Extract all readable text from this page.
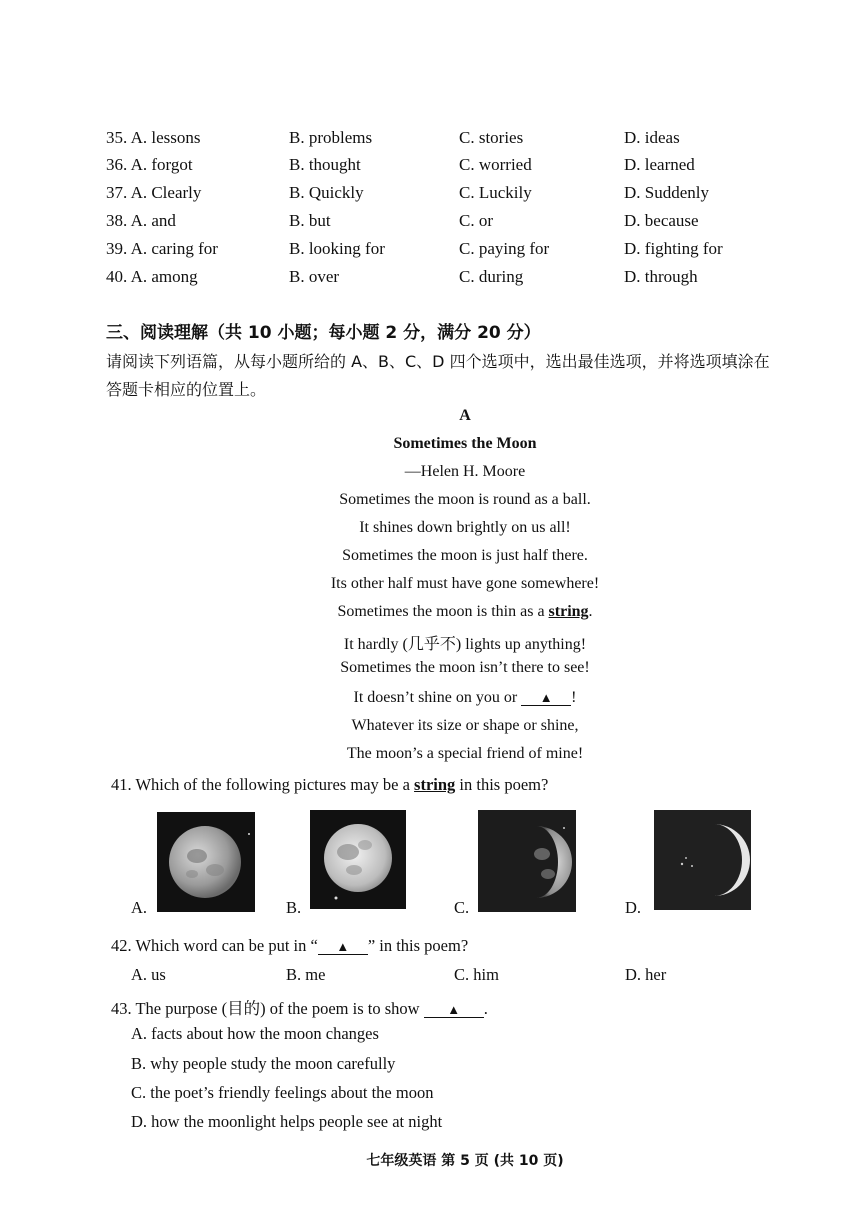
35. A. lessons	B. problems	C. stories	D. ideas
36. A. forgot	B. thought	C. worried	D. learned
37. A. Clearly	B. Quickly	C. Luckily	D. Suddenly
38. A. and	B. but	C. or	D. because
39. A. caring for	B. looking for	C. paying for	D. fighting for
40. A. among	B. over	C. during	D. through
三、阅读理解（共 10 小题；每小题 2 分，满分 20 分）
请阅读下列语篇，从每小题所给的 A、B、C、D 四个选项中，选出最佳选项，并将选项填涂在答题卡相应的位置上。
A
Sometimes the Moon
—Helen H. Moore
Sometimes the moon is round as a ball.
It shines down brightly on us all!
Sometimes the moon is just half there.
Its other half must have gone somewhere!
Sometimes the moon is thin as a string.
It hardly (几乎不) lights up anything!
Sometimes the moon isn’t there to see!
It doesn’t shine on you or ▲ !
Whatever its size or shape or shine,
The moon’s a special friend of mine!
41. Which of the following pictures may be a string in this poem?
A.	B.	C.	D.
42. Which word can be put in “ ▲ ” in this poem?
A. us	B. me	C. him	D. her
43. The purpose (目的) of the poem is to show ▲ .
A. facts about how the moon changes
B. why people study the moon carefully
C. the poet’s friendly feelings about the moon
D. how the moonlight helps people see at night
七年级英语 第 5 页 (共 10 页)
